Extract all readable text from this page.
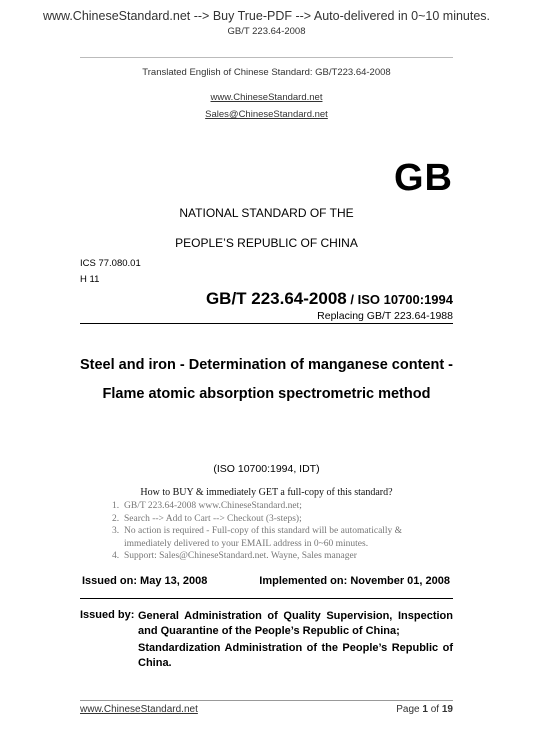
www.ChineseStandard.net --> Buy True-PDF --> Auto-delivered in 0~10 minutes.
GB/T 223.64-2008
Translated English of Chinese Standard: GB/T223.64-2008
www.ChineseStandard.net
Sales@ChineseStandard.net
GB
NATIONAL STANDARD OF THE
PEOPLE’S REPUBLIC OF CHINA
ICS 77.080.01
H 11
GB/T 223.64-2008 / ISO 10700:1994
Replacing GB/T 223.64-1988
Steel and iron - Determination of manganese content -
Flame atomic absorption spectrometric method
(ISO 10700:1994, IDT)
How to BUY & immediately GET a full-copy of this standard?
1. GB/T 223.64-2008 www.ChineseStandard.net;
2. Search --> Add to Cart --> Checkout (3-steps);
3. No action is required - Full-copy of this standard will be automatically &
immediately delivered to your EMAIL address in 0~60 minutes.
4. Support: Sales@ChineseStandard.net. Wayne, Sales manager
Issued on: May 13, 2008	Implemented on: November 01, 2008
Issued by: General Administration of Quality Supervision, Inspection and Quarantine of the People’s Republic of China;
Standardization Administration of the People’s Republic of China.
www.ChineseStandard.net	Page 1 of 19
